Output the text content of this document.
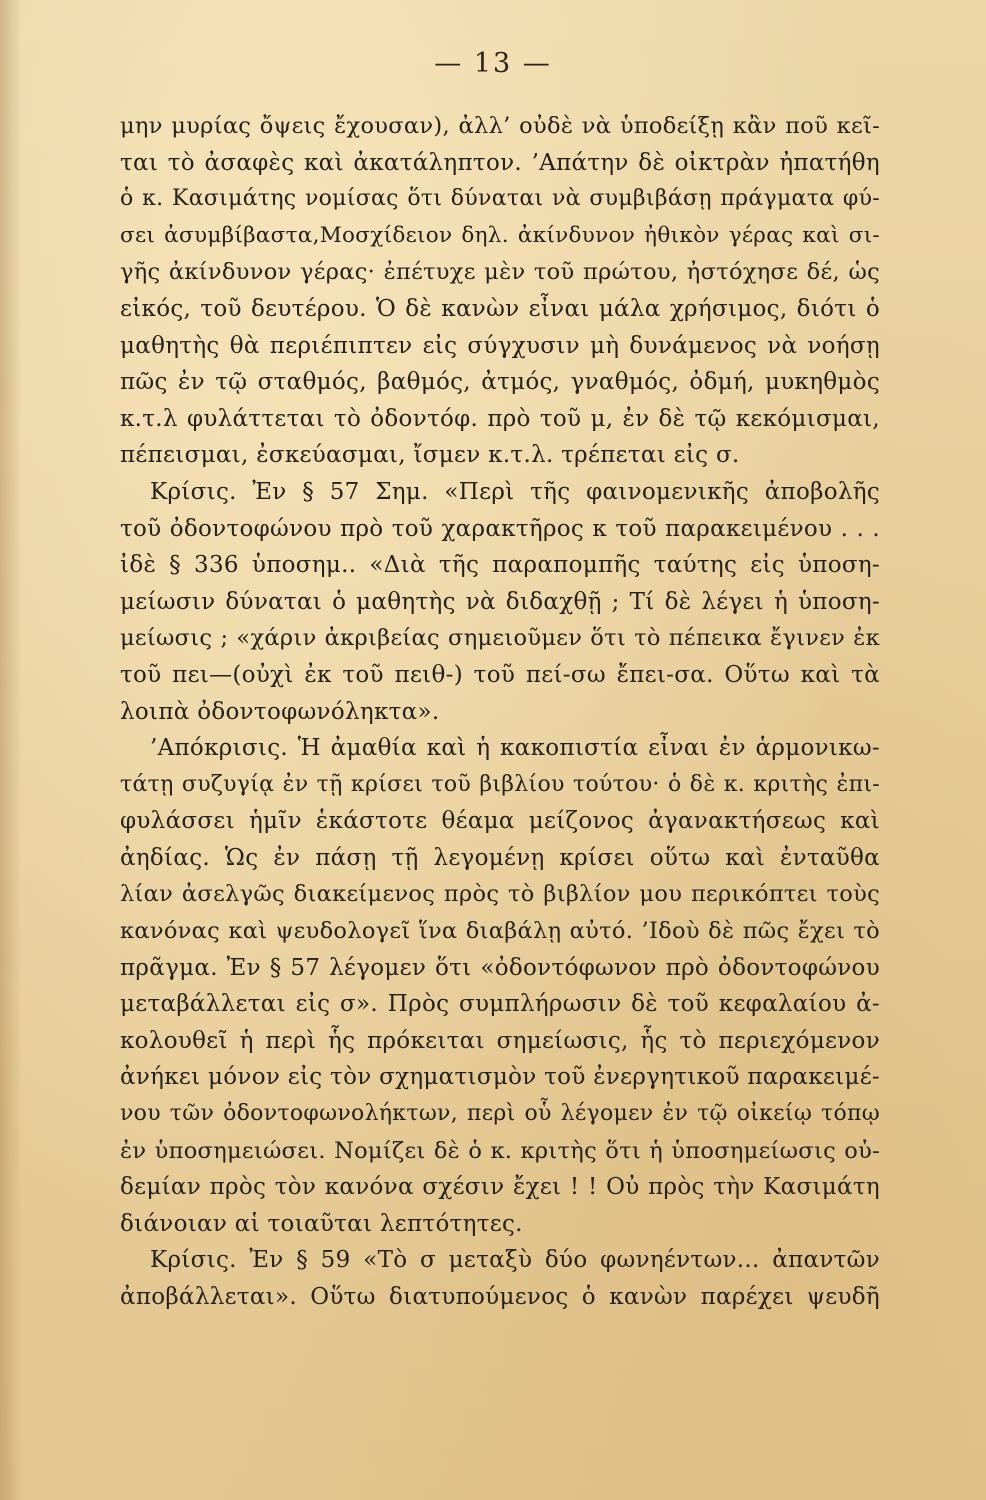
— 13 —
μην μυρίας ὄψεις ἔχουσαν), ἀλλ’ οὐδὲ νὰ ὑποδείξῃ κἂν ποῦ κεῖ-
ται τὸ ἀσαφὲς καὶ ἀκατάληπτον. ’Απάτην δὲ οἰκτρὰν ἠπατήθη
ὁ κ. Κασιμάτης νομίσας ὅτι δύναται νὰ συμβιβάσῃ πράγματα φύ-
σει ἀσυμβίβαστα,Μοσχίδειον δηλ. ἀκίνδυνον ἠθικὸν γέρας καὶ σι-
γῆς ἀκίνδυνον γέρας· ἐπέτυχε μὲν τοῦ πρώτου, ἠστόχησε δέ, ὡς
εἰκός, τοῦ δευτέρου. Ὁ δὲ κανὼν εἶναι μάλα χρήσιμος, διότι ὁ
μαθητὴς θὰ περιέπιπτεν εἰς σύγχυσιν μὴ δυνάμενος νὰ νοήσῃ
πῶς ἐν τῷ σταθμός, βαθμός, ἀτμός, γναθμός, ὀδμή, μυκηθμὸς
κ.τ.λ φυλάττεται τὸ ὀδοντόφ. πρὸ τοῦ μ, ἐν δὲ τῷ κεκόμισμαι,
πέπεισμαι, ἐσκεύασμαι, ἴσμεν κ.τ.λ. τρέπεται εἰς σ.
Κρίσις. Ἐν § 57 Σημ. «Περὶ τῆς φαινομενικῆς ἀποβολῆς
τοῦ ὀδοντοφώνου πρὸ τοῦ χαρακτῆρος κ τοῦ παρακειμένου . . .
ἰδὲ § 336 ὑποσημ.. «Διὰ τῆς παραπομπῆς ταύτης εἰς ὑποση-
μείωσιν δύναται ὁ μαθητὴς νὰ διδαχθῇ ; Τί δὲ λέγει ἡ ὑποση-
μείωσις ; «χάριν ἀκριβείας σημειοῦμεν ὅτι τὸ πέπεικα ἔγινεν ἐκ
τοῦ πει—(οὐχὶ ἐκ τοῦ πειθ-) τοῦ πεί-σω ἔπει-σα. Οὕτω καὶ τὰ
λοιπὰ ὀδοντοφωνόληκτα».
’Απόκρισις. Ἡ ἀμαθία καὶ ἡ κακοπιστία εἶναι ἐν ἁρμονικω-
τάτῃ συζυγίᾳ ἐν τῇ κρίσει τοῦ βιβλίου τούτου· ὁ δὲ κ. κριτὴς ἐπι-
φυλάσσει ἡμῖν ἑκάστοτε θέαμα μείζονος ἀγανακτήσεως καὶ
ἀηδίας. Ὡς ἐν πάσῃ τῇ λεγομένῃ κρίσει οὕτω καὶ ἐνταῦθα
λίαν ἀσελγῶς διακείμενος πρὸς τὸ βιβλίον μου περικόπτει τοὺς
κανόνας καὶ ψευδολογεῖ ἵνα διαβάλῃ αὐτό. ’Ιδοὺ δὲ πῶς ἔχει τὸ
πρᾶγμα. Ἐν § 57 λέγομεν ὅτι «ὀδοντόφωνον πρὸ ὀδοντοφώνου
μεταβάλλεται εἰς σ». Πρὸς συμπλήρωσιν δὲ τοῦ κεφαλαίου ἀ-
κολουθεῖ ἡ περὶ ἧς πρόκειται σημείωσις, ἧς τὸ περιεχόμενον
ἀνήκει μόνον εἰς τὸν σχηματισμὸν τοῦ ἐνεργητικοῦ παρακειμέ-
νου τῶν ὀδοντοφωνολήκτων, περὶ οὗ λέγομεν ἐν τῷ οἰκείῳ τόπῳ
ἐν ὑποσημειώσει. Νομίζει δὲ ὁ κ. κριτὴς ὅτι ἡ ὑποσημείωσις οὐ-
δεμίαν πρὸς τὸν κανόνα σχέσιν ἔχει ! ! Οὐ πρὸς τὴν Κασιμάτη
διάνοιαν αἱ τοιαῦται λεπτότητες.
Κρίσις. Ἐν § 59 «Τὸ σ μεταξὺ δύο φωνηέντων... ἀπαντῶν
ἀποβάλλεται». Οὕτω διατυπούμενος ὁ κανὼν παρέχει ψευδῆ
